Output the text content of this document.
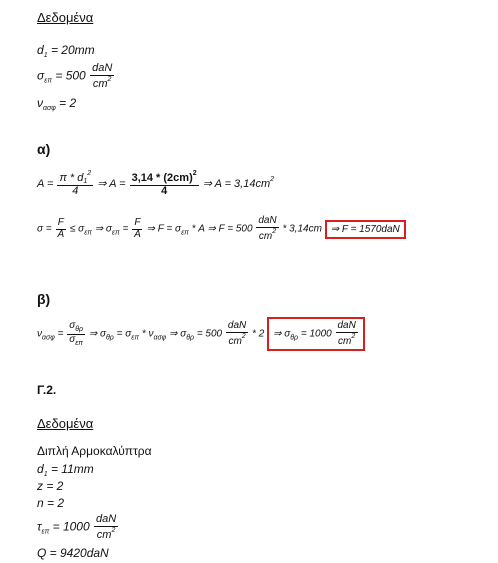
Δεδομένα
$d_1 = 20mm$
$\sigma_{\varepsilon\pi} = 500 \frac{\text{daN}}{cm^2}$
$\nu_{\alpha\sigma\varphi} = 2$
α)
$A = \frac{\pi * d_1^2}{4}$ ⇒ $A = \frac{3,14 * (2cm)^2}{4}$ ⇒ $A = 3,14cm^2$
$\sigma = \frac{F}{A} \le \sigma_{\varepsilon\pi}$ ⇒ $\sigma_{\varepsilon\pi} = \frac{F}{A}$ ⇒ $F = \sigma_{\varepsilon\pi} * A$ ⇒ $F = 500 \frac{\text{daN}}{cm^2} * 3,14cm$ ⇒ F = 1570daN
β)
$\nu_{\alpha\sigma\varphi} = \frac{\sigma_{\theta\rho}}{\sigma_{\varepsilon\pi}}$ ⇒ $\sigma_{\theta\rho} = \sigma_{\varepsilon\pi} * \nu_{\alpha\sigma\varphi}$ ⇒ $\sigma_{\theta\rho} = 500 \frac{\text{daN}}{cm^2} * 2$ ⇒ $\sigma_{\theta\rho} = 1000 \frac{\text{daN}}{cm^2}$
Γ.2.
Δεδομένα
Διπλή Αρμοκαλύπτρα
$d_1 = 11mm$
z = 2
n = 2
$\tau_{\varepsilon\pi} = 1000 \frac{\text{daN}}{cm^2}$
Q = 9420daN
